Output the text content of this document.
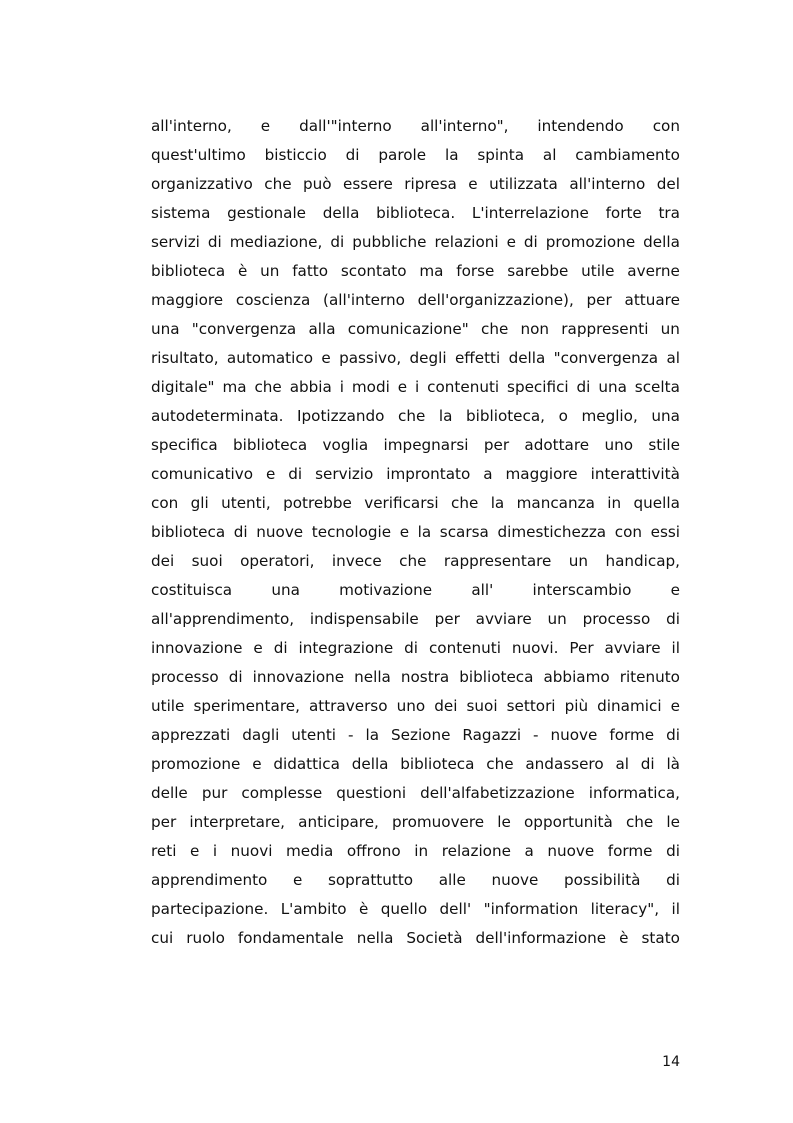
all'interno, e dall'"interno all'interno", intendendo con
quest'ultimo bisticcio di parole la spinta al cambiamento
organizzativo che può essere ripresa e utilizzata all'interno del
sistema gestionale della biblioteca. L'interrelazione forte tra
servizi di mediazione, di pubbliche relazioni e di promozione della
biblioteca è un fatto scontato ma forse sarebbe utile averne
maggiore coscienza (all'interno dell'organizzazione), per attuare
una "convergenza alla comunicazione" che non rappresenti un
risultato, automatico e passivo, degli effetti della "convergenza al
digitale" ma che abbia i modi e i contenuti specifici di una scelta
autodeterminata. Ipotizzando che la biblioteca, o meglio, una
specifica biblioteca voglia impegnarsi per adottare uno stile
comunicativo e di servizio improntato a maggiore interattività
con gli utenti, potrebbe verificarsi che la mancanza in quella
biblioteca di nuove tecnologie e la scarsa dimestichezza con essi
dei suoi operatori, invece che rappresentare un handicap,
costituisca	una	motivazione	all'	interscambio	e
all'apprendimento, indispensabile per avviare un processo di
innovazione e di integrazione di contenuti nuovi. Per avviare il
processo di innovazione nella nostra biblioteca abbiamo ritenuto
utile sperimentare, attraverso uno dei suoi settori più dinamici e
apprezzati dagli utenti - la Sezione Ragazzi - nuove forme di
promozione e didattica della biblioteca che andassero al di là
delle pur complesse questioni dell'alfabetizzazione informatica,
per interpretare, anticipare, promuovere le opportunità che le
reti e i nuovi media offrono in relazione a nuove forme di
apprendimento e soprattutto alle nuove possibilità di
partecipazione. L'ambito è quello dell' "information literacy", il
cui ruolo fondamentale nella Società dell'informazione è stato
14
